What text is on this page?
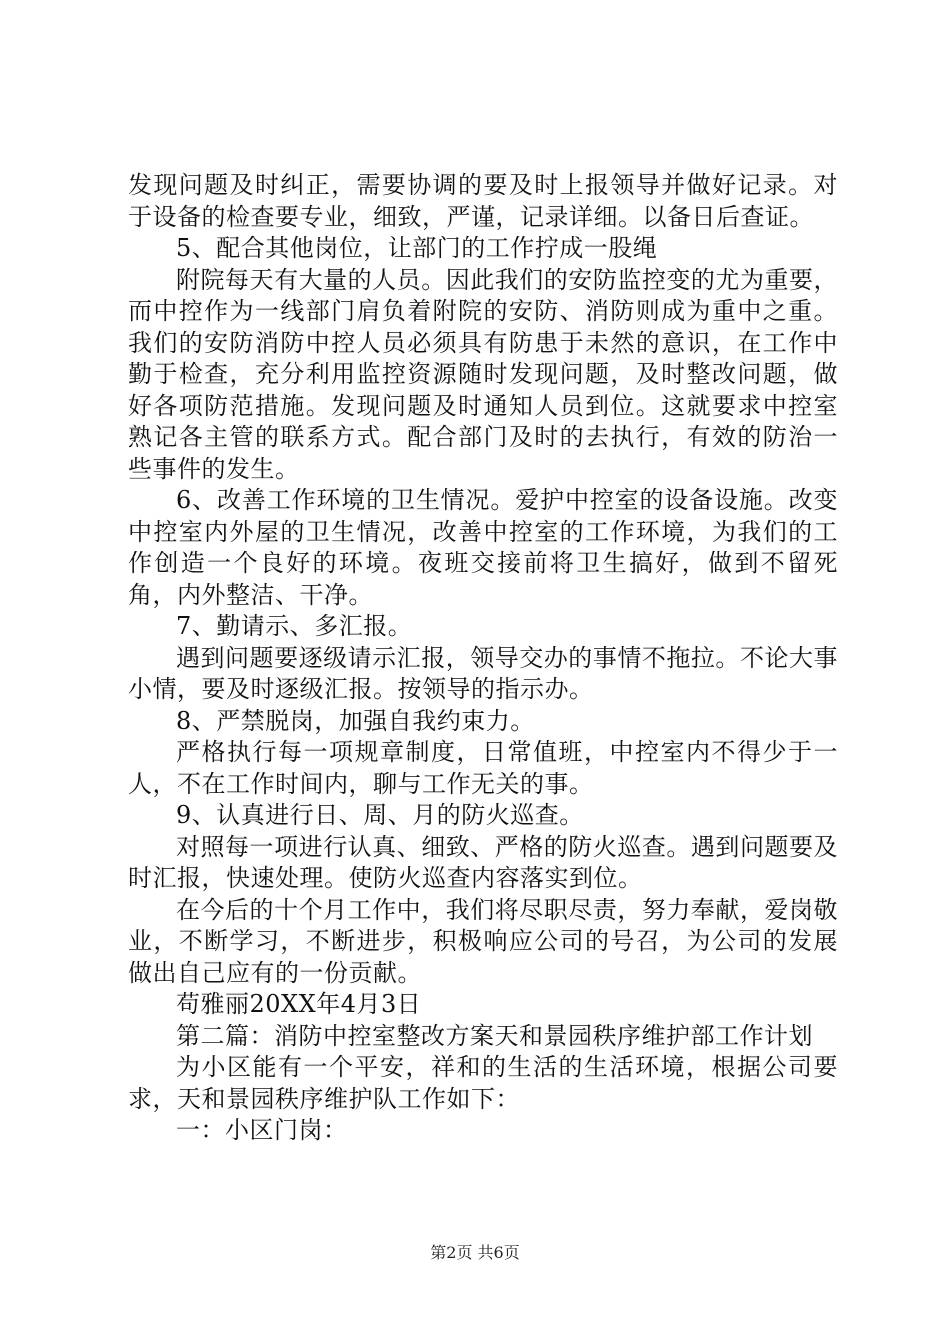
发现问题及时纠正，需要协调的要及时上报领导并做好记录。对于设备的检查要专业，细致，严谨，记录详细。以备日后查证。

5、配合其他岗位，让部门的工作拧成一股绳

附院每天有大量的人员。因此我们的安防监控变的尤为重要，而中控作为一线部门肩负着附院的安防、消防则成为重中之重。我们的安防消防中控人员必须具有防患于未然的意识，在工作中勤于检查，充分利用监控资源随时发现问题，及时整改问题，做好各项防范措施。发现问题及时通知人员到位。这就要求中控室熟记各主管的联系方式。配合部门及时的去执行，有效的防治一些事件的发生。

6、改善工作环境的卫生情况。爱护中控室的设备设施。改变中控室内外屋的卫生情况，改善中控室的工作环境，为我们的工作创造一个良好的环境。夜班交接前将卫生搞好，做到不留死角，内外整洁、干净。

7、勤请示、多汇报。

遇到问题要逐级请示汇报，领导交办的事情不拖拉。不论大事小情，要及时逐级汇报。按领导的指示办。

8、严禁脱岗，加强自我约束力。

严格执行每一项规章制度，日常值班，中控室内不得少于一人，不在工作时间内，聊与工作无关的事。

9、认真进行日、周、月的防火巡查。

对照每一项进行认真、细致、严格的防火巡查。遇到问题要及时汇报，快速处理。使防火巡查内容落实到位。

在今后的十个月工作中，我们将尽职尽责，努力奉献，爱岗敬业，不断学习，不断进步，积极响应公司的号召，为公司的发展做出自己应有的一份贡献。

苟雅丽20XX年4月3日

第二篇：消防中控室整改方案天和景园秩序维护部工作计划

为小区能有一个平安，祥和的生活的生活环境，根据公司要求，天和景园秩序维护队工作如下：

一：小区门岗：

第2页 共6页
